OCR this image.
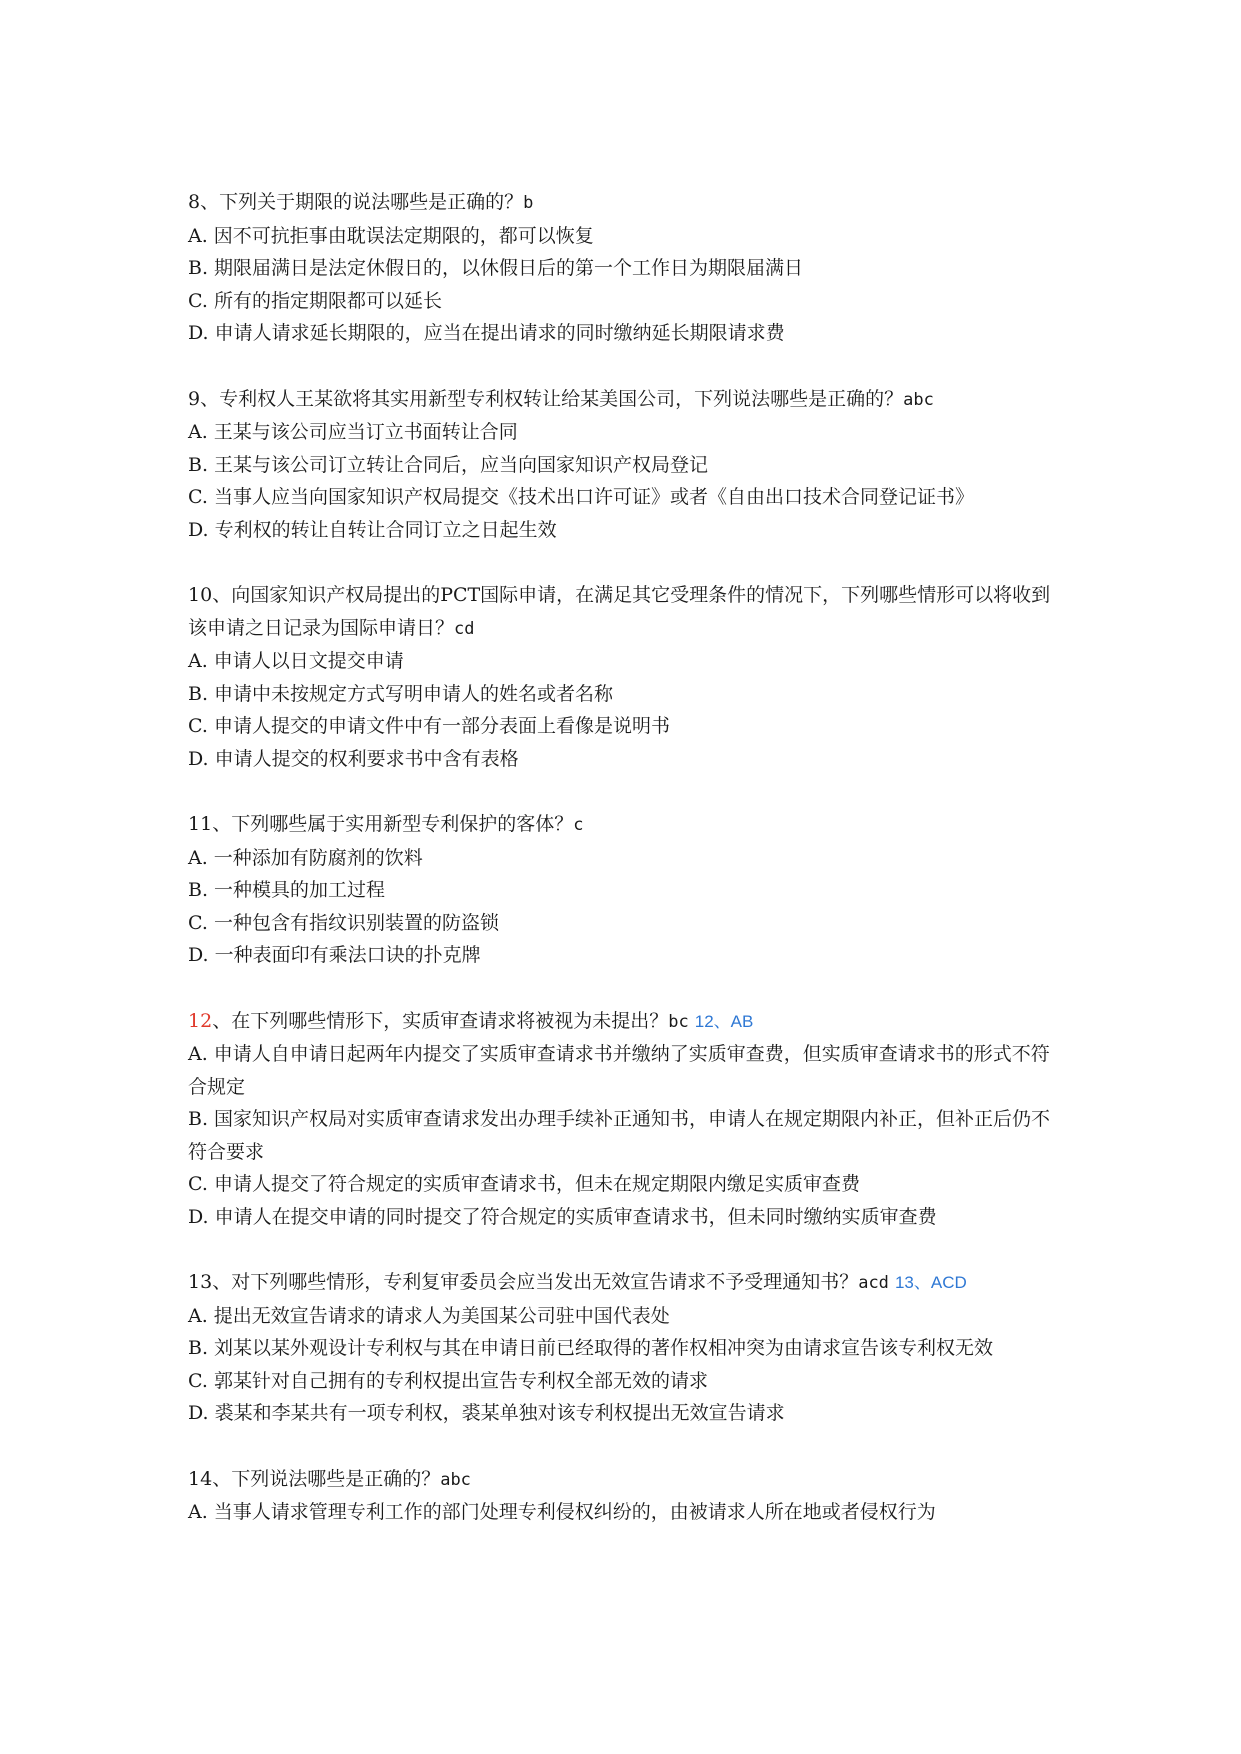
8、下列关于期限的说法哪些是正确的？b

A. 因不可抗拒事由耽误法定期限的，都可以恢复

B. 期限届满日是法定休假日的，以休假日后的第一个工作日为期限届满日

C. 所有的指定期限都可以延长

D. 申请人请求延长期限的，应当在提出请求的同时缴纳延长期限请求费

9、专利权人王某欲将其实用新型专利权转让给某美国公司，下列说法哪些是正确的？abc

A. 王某与该公司应当订立书面转让合同

B. 王某与该公司订立转让合同后，应当向国家知识产权局登记

C. 当事人应当向国家知识产权局提交《技术出口许可证》或者《自由出口技术合同登记证书》

D. 专利权的转让自转让合同订立之日起生效

10、向国家知识产权局提出的PCT国际申请，在满足其它受理条件的情况下，下列哪些情形可以将收到该申请之日记录为国际申请日？cd

A. 申请人以日文提交申请

B. 申请中未按规定方式写明申请人的姓名或者名称

C. 申请人提交的申请文件中有一部分表面上看像是说明书

D. 申请人提交的权利要求书中含有表格

11、下列哪些属于实用新型专利保护的客体？c

A. 一种添加有防腐剂的饮料

B. 一种模具的加工过程

C. 一种包含有指纹识别装置的防盗锁

D. 一种表面印有乘法口诀的扑克牌

12、在下列哪些情形下，实质审查请求将被视为未提出？bc 12、AB

A. 申请人自申请日起两年内提交了实质审查请求书并缴纳了实质审查费，但实质审查请求书的形式不符合规定

B. 国家知识产权局对实质审查请求发出办理手续补正通知书，申请人在规定期限内补正，但补正后仍不符合要求

C. 申请人提交了符合规定的实质审查请求书，但未在规定期限内缴足实质审查费

D. 申请人在提交申请的同时提交了符合规定的实质审查请求书，但未同时缴纳实质审查费

13、对下列哪些情形，专利复审委员会应当发出无效宣告请求不予受理通知书？acd 13、ACD

A. 提出无效宣告请求的请求人为美国某公司驻中国代表处

B. 刘某以某外观设计专利权与其在申请日前已经取得的著作权相冲突为由请求宣告该专利权无效

C. 郭某针对自己拥有的专利权提出宣告专利权全部无效的请求

D. 裘某和李某共有一项专利权，裘某单独对该专利权提出无效宣告请求

14、下列说法哪些是正确的？abc

A. 当事人请求管理专利工作的部门处理专利侵权纠纷的，由被请求人所在地或者侵权行为
